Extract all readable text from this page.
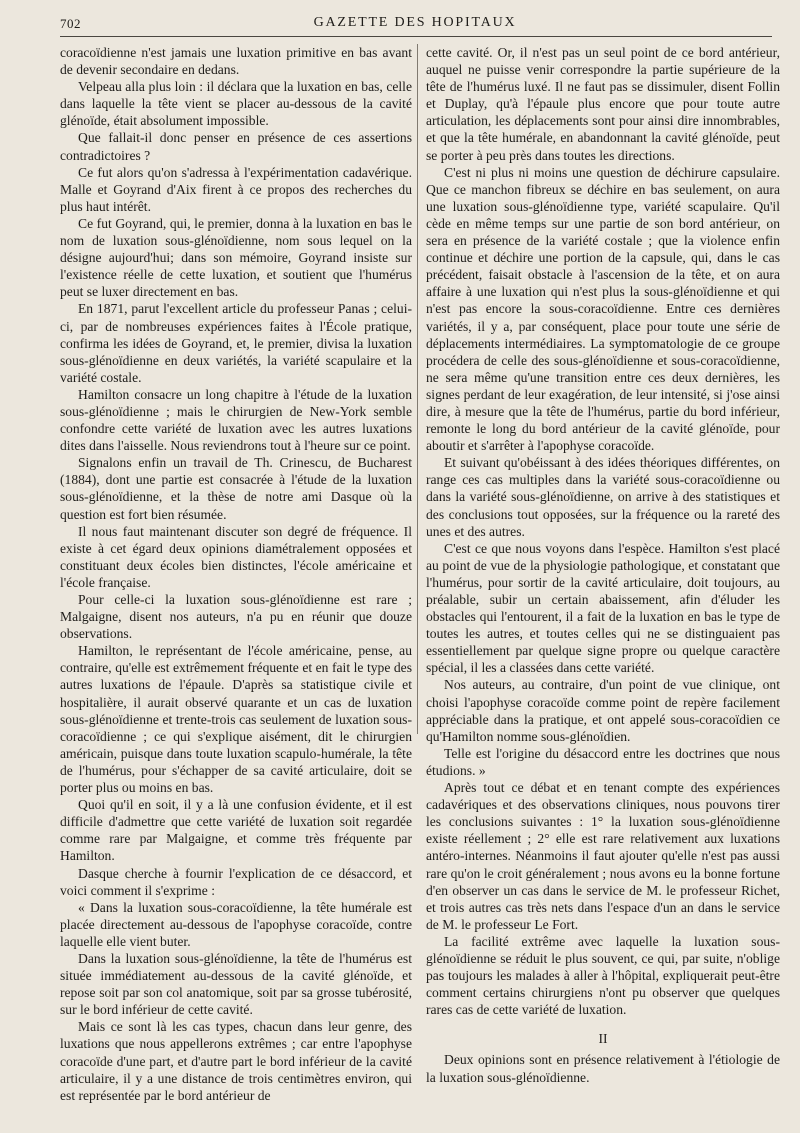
702	GAZETTE DES HOPITAUX

coracoïdienne n'est jamais une luxation primitive en bas avant de devenir secondaire en dedans.

Velpeau alla plus loin : il déclara que la luxation en bas, celle dans laquelle la tête vient se placer au-dessous de la cavité glénoïde, était absolument impossible.

Que fallait-il donc penser en présence de ces assertions contradictoires ?

Ce fut alors qu'on s'adressa à l'expérimentation cadavérique. Malle et Goyrand d'Aix firent à ce propos des recherches du plus haut intérêt.

Ce fut Goyrand, qui, le premier, donna à la luxation en bas le nom de luxation sous-glénoïdienne, nom sous lequel on la désigne aujourd'hui; dans son mémoire, Goyrand insiste sur l'existence réelle de cette luxation, et soutient que l'humérus peut se luxer directement en bas.

En 1871, parut l'excellent article du professeur Panas ; celui-ci, par de nombreuses expériences faites à l'École pratique, confirma les idées de Goyrand, et, le premier, divisa la luxation sous-glénoïdienne en deux variétés, la variété scapulaire et la variété costale.

Hamilton consacre un long chapitre à l'étude de la luxation sous-glénoïdienne ; mais le chirurgien de New-York semble confondre cette variété de luxation avec les autres luxations dites dans l'aisselle. Nous reviendrons tout à l'heure sur ce point.

Signalons enfin un travail de Th. Crinescu, de Bucharest (1884), dont une partie est consacrée à l'étude de la luxation sous-glénoïdienne, et la thèse de notre ami Dasque où la question est fort bien résumée.

Il nous faut maintenant discuter son degré de fréquence. Il existe à cet égard deux opinions diamétralement opposées et constituant deux écoles bien distinctes, l'école américaine et l'école française.

Pour celle-ci la luxation sous-glénoïdienne est rare ; Malgaigne, disent nos auteurs, n'a pu en réunir que douze observations.

Hamilton, le représentant de l'école américaine, pense, au contraire, qu'elle est extrêmement fréquente et en fait le type des autres luxations de l'épaule. D'après sa statistique civile et hospitalière, il aurait observé quarante et un cas de luxation sous-glénoïdienne et trente-trois cas seulement de luxation sous-coracoïdienne ; ce qui s'explique aisément, dit le chirurgien américain, puisque dans toute luxation scapulo-humérale, la tête de l'humérus, pour s'échapper de sa cavité articulaire, doit se porter plus ou moins en bas.

Quoi qu'il en soit, il y a là une confusion évidente, et il est difficile d'admettre que cette variété de luxation soit regardée comme rare par Malgaigne, et comme très fréquente par Hamilton.

Dasque cherche à fournir l'explication de ce désaccord, et voici comment il s'exprime :

« Dans la luxation sous-coracoïdienne, la tête humérale est placée directement au-dessous de l'apophyse coracoïde, contre laquelle elle vient buter.

Dans la luxation sous-glénoïdienne, la tête de l'humérus est située immédiatement au-dessous de la cavité glénoïde, et repose soit par son col anatomique, soit par sa grosse tubérosité, sur le bord inférieur de cette cavité.

Mais ce sont là les cas types, chacun dans leur genre, des luxations que nous appellerons extrêmes ; car entre l'apophyse coracoïde d'une part, et d'autre part le bord inférieur de la cavité articulaire, il y a une distance de trois centimètres environ, qui est représentée par le bord antérieur de

cette cavité. Or, il n'est pas un seul point de ce bord antérieur, auquel ne puisse venir correspondre la partie supérieure de la tête de l'humérus luxé. Il ne faut pas se dissimuler, disent Follin et Duplay, qu'à l'épaule plus encore que pour toute autre articulation, les déplacements sont pour ainsi dire innombrables, et que la tête humérale, en abandonnant la cavité glénoïde, peut se porter à peu près dans toutes les directions.

C'est ni plus ni moins une question de déchirure capsulaire. Que ce manchon fibreux se déchire en bas seulement, on aura une luxation sous-glénoïdienne type, variété scapulaire. Qu'il cède en même temps sur une partie de son bord antérieur, on sera en présence de la variété costale ; que la violence enfin continue et déchire une portion de la capsule, qui, dans le cas précédent, faisait obstacle à l'ascension de la tête, et on aura affaire à une luxation qui n'est plus la sous-glénoïdienne et qui n'est pas encore la sous-coracoïdienne. Entre ces dernières variétés, il y a, par conséquent, place pour toute une série de déplacements intermédiaires. La symptomatologie de ce groupe procédera de celle des sous-glénoïdienne et sous-coracoïdienne, ne sera même qu'une transition entre ces deux dernières, les signes perdant de leur exagération, de leur intensité, si j'ose ainsi dire, à mesure que la tête de l'humérus, partie du bord inférieur, remonte le long du bord antérieur de la cavité glénoïde, pour aboutir et s'arrêter à l'apophyse coracoïde.

Et suivant qu'obéissant à des idées théoriques différentes, on range ces cas multiples dans la variété sous-coracoïdienne ou dans la variété sous-glénoïdienne, on arrive à des statistiques et des conclusions tout opposées, sur la fréquence ou la rareté des unes et des autres.

C'est ce que nous voyons dans l'espèce. Hamilton s'est placé au point de vue de la physiologie pathologique, et constatant que l'humérus, pour sortir de la cavité articulaire, doit toujours, au préalable, subir un certain abaissement, afin d'éluder les obstacles qui l'entourent, il a fait de la luxation en bas le type de toutes les autres, et toutes celles qui ne se distinguaient pas essentiellement par quelque signe propre ou quelque caractère spécial, il les a classées dans cette variété.

Nos auteurs, au contraire, d'un point de vue clinique, ont choisi l'apophyse coracoïde comme point de repère facilement appréciable dans la pratique, et ont appelé sous-coracoïdien ce qu'Hamilton nomme sous-glénoïdien.

Telle est l'origine du désaccord entre les doctrines que nous étudions. »

Après tout ce débat et en tenant compte des expériences cadavériques et des observations cliniques, nous pouvons tirer les conclusions suivantes : 1° la luxation sous-glénoïdienne existe réellement ; 2° elle est rare relativement aux luxations antéro-internes. Néanmoins il faut ajouter qu'elle n'est pas aussi rare qu'on le croit généralement ; nous avons eu la bonne fortune d'en observer un cas dans le service de M. le professeur Richet, et trois autres cas très nets dans l'espace d'un an dans le service de M. le professeur Le Fort.

La facilité extrême avec laquelle la luxation sous-glénoïdienne se réduit le plus souvent, ce qui, par suite, n'oblige pas toujours les malades à aller à l'hôpital, expliquerait peut-être comment certains chirurgiens n'ont pu observer que quelques rares cas de cette variété de luxation.

II

Deux opinions sont en présence relativement à l'étiologie de la luxation sous-glénoïdienne.
